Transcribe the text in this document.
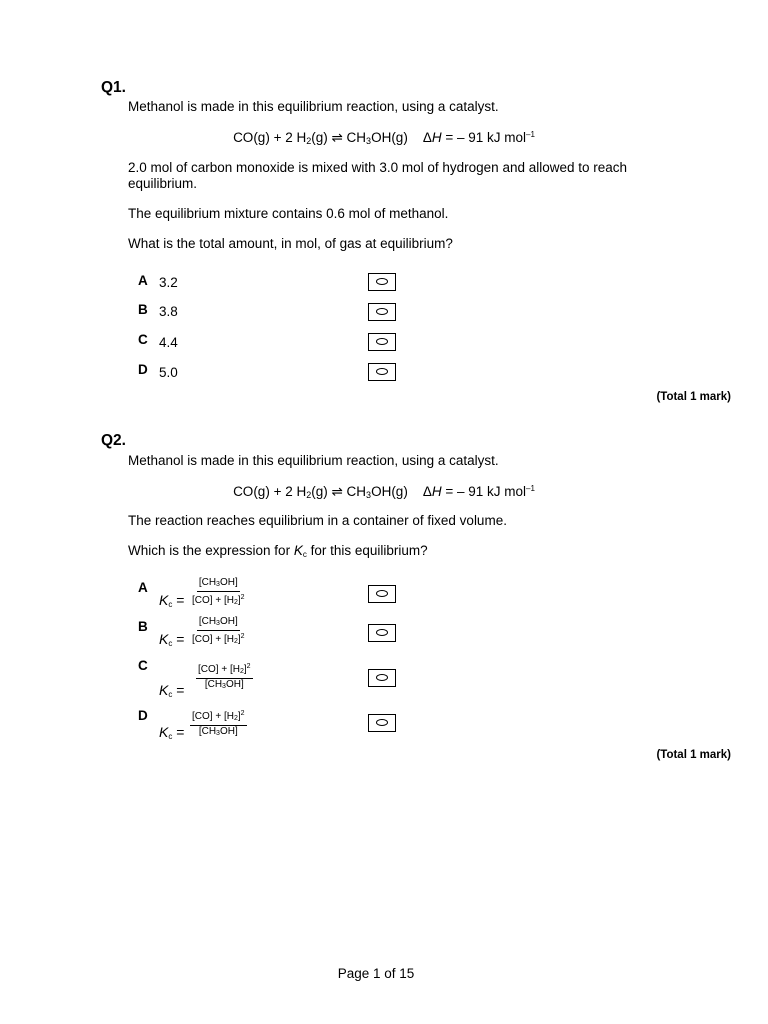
Q1.
Methanol is made in this equilibrium reaction, using a catalyst.
CO(g) + 2 $H_2(g)$ ⇌ $CH_3OH(g) \Delta H$ = – 91 kJ mol$^{-1}$
2.0 mol of carbon monoxide is mixed with 3.0 mol of hydrogen and allowed to reach equilibrium.
The equilibrium mixture contains 0.6 mol of methanol.
What is the total amount, in mol, of gas at equilibrium?
A 3.2
B 3.8
C 4.4
D 5.0
(Total 1 mark)
Q2.
Methanol is made in this equilibrium reaction, using a catalyst.
CO(g) + 2 $H_2(g)$ ⇌ $CH_3OH(g) \Delta H$ = – 91 kJ mol$^{-1}$
The reaction reaches equilibrium in a container of fixed volume.
Which is the expression for $K_c$ for this equilibrium?
A
$K_c = \frac{[CH_3OH]}{[CO] + [H_2]^2}$
B
$K_c = \frac{[CH_3OH]}{[CO] + [H_2]^2}$
C
$K_c = \frac{[CO] + [H_2]^2}{[CH_3OH]}$
D
$K_c = \frac{[CO] + [H_2]^2}{[CH_3OH]}$
(Total 1 mark)
Page 1 of 15
